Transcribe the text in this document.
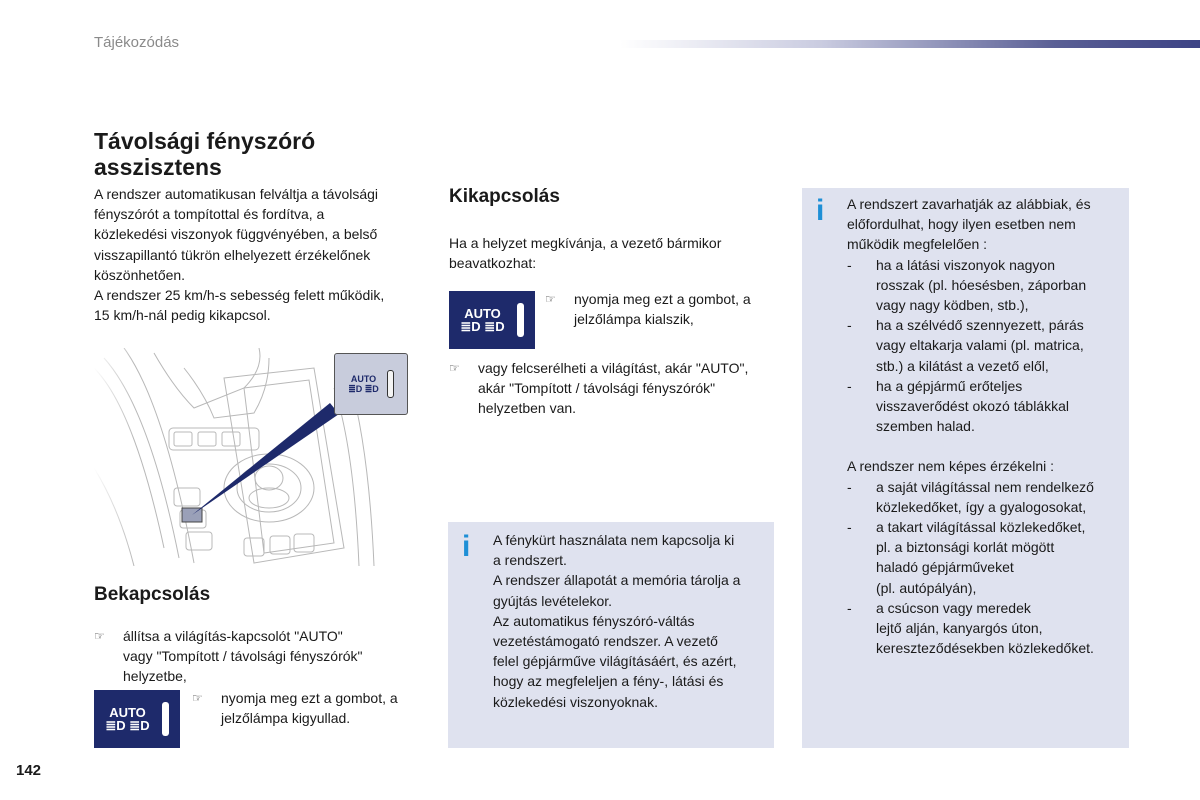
Tájékozódás
Távolsági fényszóró
asszisztens
A rendszer automatikusan felváltja a távolsági
fényszórót a tompítottal és fordítva, a
közlekedési viszonyok függvényében, a belső
visszapillantó tükrön elhelyezett érzékelőnek
köszönhetően.
A rendszer 25 km/h-s sebesség felett működik,
15 km/h-nál pedig kikapcsol.
AUTO
≣D ≣D
Bekapcsolás
☞ állítsa a világítás-kapcsolót "AUTO"
vagy "Tompított / távolsági fényszórók"
helyzetbe,
AUTO
≣D ≣D
☞ nyomja meg ezt a gombot, a
jelzőlámpa kigyullad.
Kikapcsolás
Ha a helyzet megkívánja, a vezető bármikor
beavatkozhat:
AUTO
≣D ≣D
☞ nyomja meg ezt a gombot, a
jelzőlámpa kialszik,
☞ vagy felcserélheti a világítást, akár "AUTO",
akár "Tompított / távolsági fényszórók"
helyzetben van.
i A fénykürt használata nem kapcsolja ki
a rendszert.
A rendszer állapotát a memória tárolja a
gyújtás levételekor.
Az automatikus fényszóró-váltás
vezetéstámogató rendszer. A vezető
felel gépjárműve világításáért, és azért,
hogy az megfeleljen a fény-, látási és
közlekedési viszonyoknak.
i A rendszert zavarhatják az alábbiak, és
előfordulhat, hogy ilyen esetben nem
működik megfelelően :
- ha a látási viszonyok nagyon
rosszak (pl. hóesésben, záporban
vagy nagy ködben, stb.),
- ha a szélvédő szennyezett, párás
vagy eltakarja valami (pl. matrica,
stb.) a kilátást a vezető elől,
- ha a gépjármű erőteljes
visszaverődést okozó táblákkal
szemben halad.
A rendszer nem képes érzékelni :
- a saját világítással nem rendelkező
közlekedőket, így a gyalogosokat,
- a takart világítással közlekedőket,
pl. a biztonsági korlát mögött
haladó gépjárműveket
(pl. autópályán),
- a csúcson vagy meredek
lejtő alján, kanyargós úton,
kereszteződésekben közlekedőket.
142
